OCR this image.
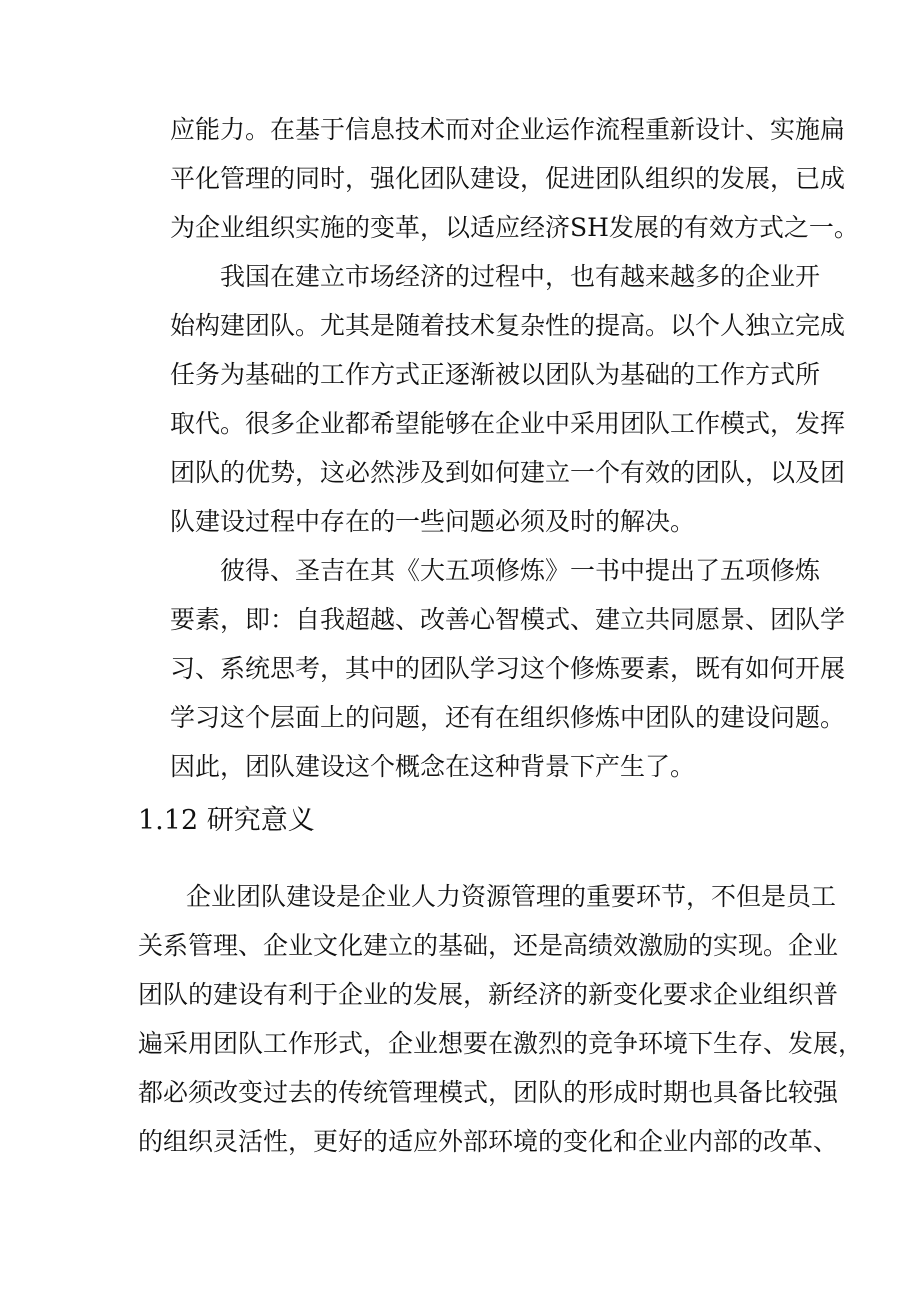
应能力。在基于信息技术而对企业运作流程重新设计、实施扁

平化管理的同时，强化团队建设，促进团队组织的发展，已成

为企业组织实施的变革，以适应经济SH发展的有效方式之一。

我国在建立市场经济的过程中，也有越来越多的企业开

始构建团队。尤其是随着技术复杂性的提高。以个人独立完成

任务为基础的工作方式正逐渐被以团队为基础的工作方式所

取代。很多企业都希望能够在企业中采用团队工作模式，发挥

团队的优势，这必然涉及到如何建立一个有效的团队，以及团

队建设过程中存在的一些问题必须及时的解决。

彼得、圣吉在其《大五项修炼》一书中提出了五项修炼

要素，即：自我超越、改善心智模式、建立共同愿景、团队学

习、系统思考，其中的团队学习这个修炼要素，既有如何开展

学习这个层面上的问题，还有在组织修炼中团队的建设问题。

因此，团队建设这个概念在这种背景下产生了。

1.12 研究意义

企业团队建设是企业人力资源管理的重要环节，不但是员工

关系管理、企业文化建立的基础，还是高绩效激励的实现。企业

团队的建设有利于企业的发展，新经济的新变化要求企业组织普

遍采用团队工作形式，企业想要在激烈的竞争环境下生存、发展，

都必须改变过去的传统管理模式，团队的形成时期也具备比较强

的组织灵活性，更好的适应外部环境的变化和企业内部的改革、
